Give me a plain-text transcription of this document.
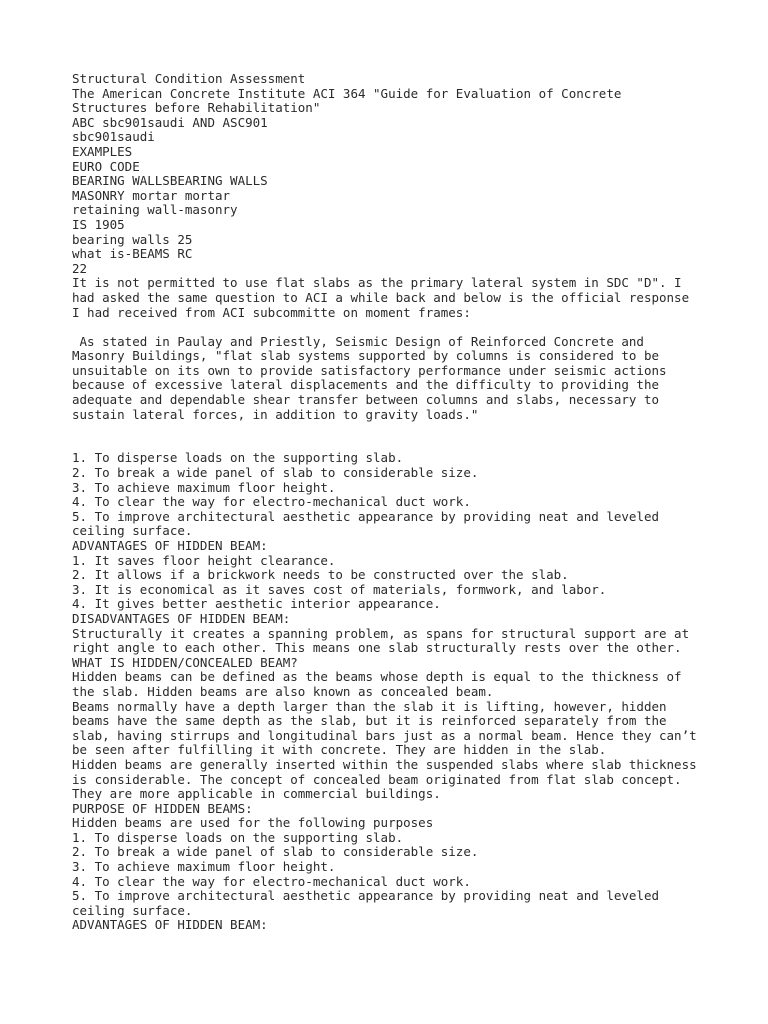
Structural Condition Assessment
The American Concrete Institute ACI 364 "Guide for Evaluation of Concrete
Structures before Rehabilitation"
ABC sbc901saudi AND ASC901
sbc901saudi
EXAMPLES
EURO CODE
BEARING WALLSBEARING WALLS
MASONRY mortar mortar
retaining wall-masonry
IS 1905
bearing walls 25
what is-BEAMS RC
22
It is not permitted to use flat slabs as the primary lateral system in SDC "D". I
had asked the same question to ACI a while back and below is the official response
I had received from ACI subcommitte on moment frames:
As stated in Paulay and Priestly, Seismic Design of Reinforced Concrete and
Masonry Buildings, "flat slab systems supported by columns is considered to be
unsuitable on its own to provide satisfactory performance under seismic actions
because of excessive lateral displacements and the difficulty to providing the
adequate and dependable shear transfer between columns and slabs, necessary to
sustain lateral forces, in addition to gravity loads."
1. To disperse loads on the supporting slab.
2. To break a wide panel of slab to considerable size.
3. To achieve maximum floor height.
4. To clear the way for electro-mechanical duct work.
5. To improve architectural aesthetic appearance by providing neat and leveled
ceiling surface.
ADVANTAGES OF HIDDEN BEAM:
1. It saves floor height clearance.
2. It allows if a brickwork needs to be constructed over the slab.
3. It is economical as it saves cost of materials, formwork, and labor.
4. It gives better aesthetic interior appearance.
DISADVANTAGES OF HIDDEN BEAM:
Structurally it creates a spanning problem, as spans for structural support are at
right angle to each other. This means one slab structurally rests over the other.
WHAT IS HIDDEN/CONCEALED BEAM?
Hidden beams can be defined as the beams whose depth is equal to the thickness of
the slab. Hidden beams are also known as concealed beam.
Beams normally have a depth larger than the slab it is lifting, however, hidden
beams have the same depth as the slab, but it is reinforced separately from the
slab, having stirrups and longitudinal bars just as a normal beam. Hence they can’t
be seen after fulfilling it with concrete. They are hidden in the slab.
Hidden beams are generally inserted within the suspended slabs where slab thickness
is considerable. The concept of concealed beam originated from flat slab concept.
They are more applicable in commercial buildings.
PURPOSE OF HIDDEN BEAMS:
Hidden beams are used for the following purposes
1. To disperse loads on the supporting slab.
2. To break a wide panel of slab to considerable size.
3. To achieve maximum floor height.
4. To clear the way for electro-mechanical duct work.
5. To improve architectural aesthetic appearance by providing neat and leveled
ceiling surface.
ADVANTAGES OF HIDDEN BEAM:
